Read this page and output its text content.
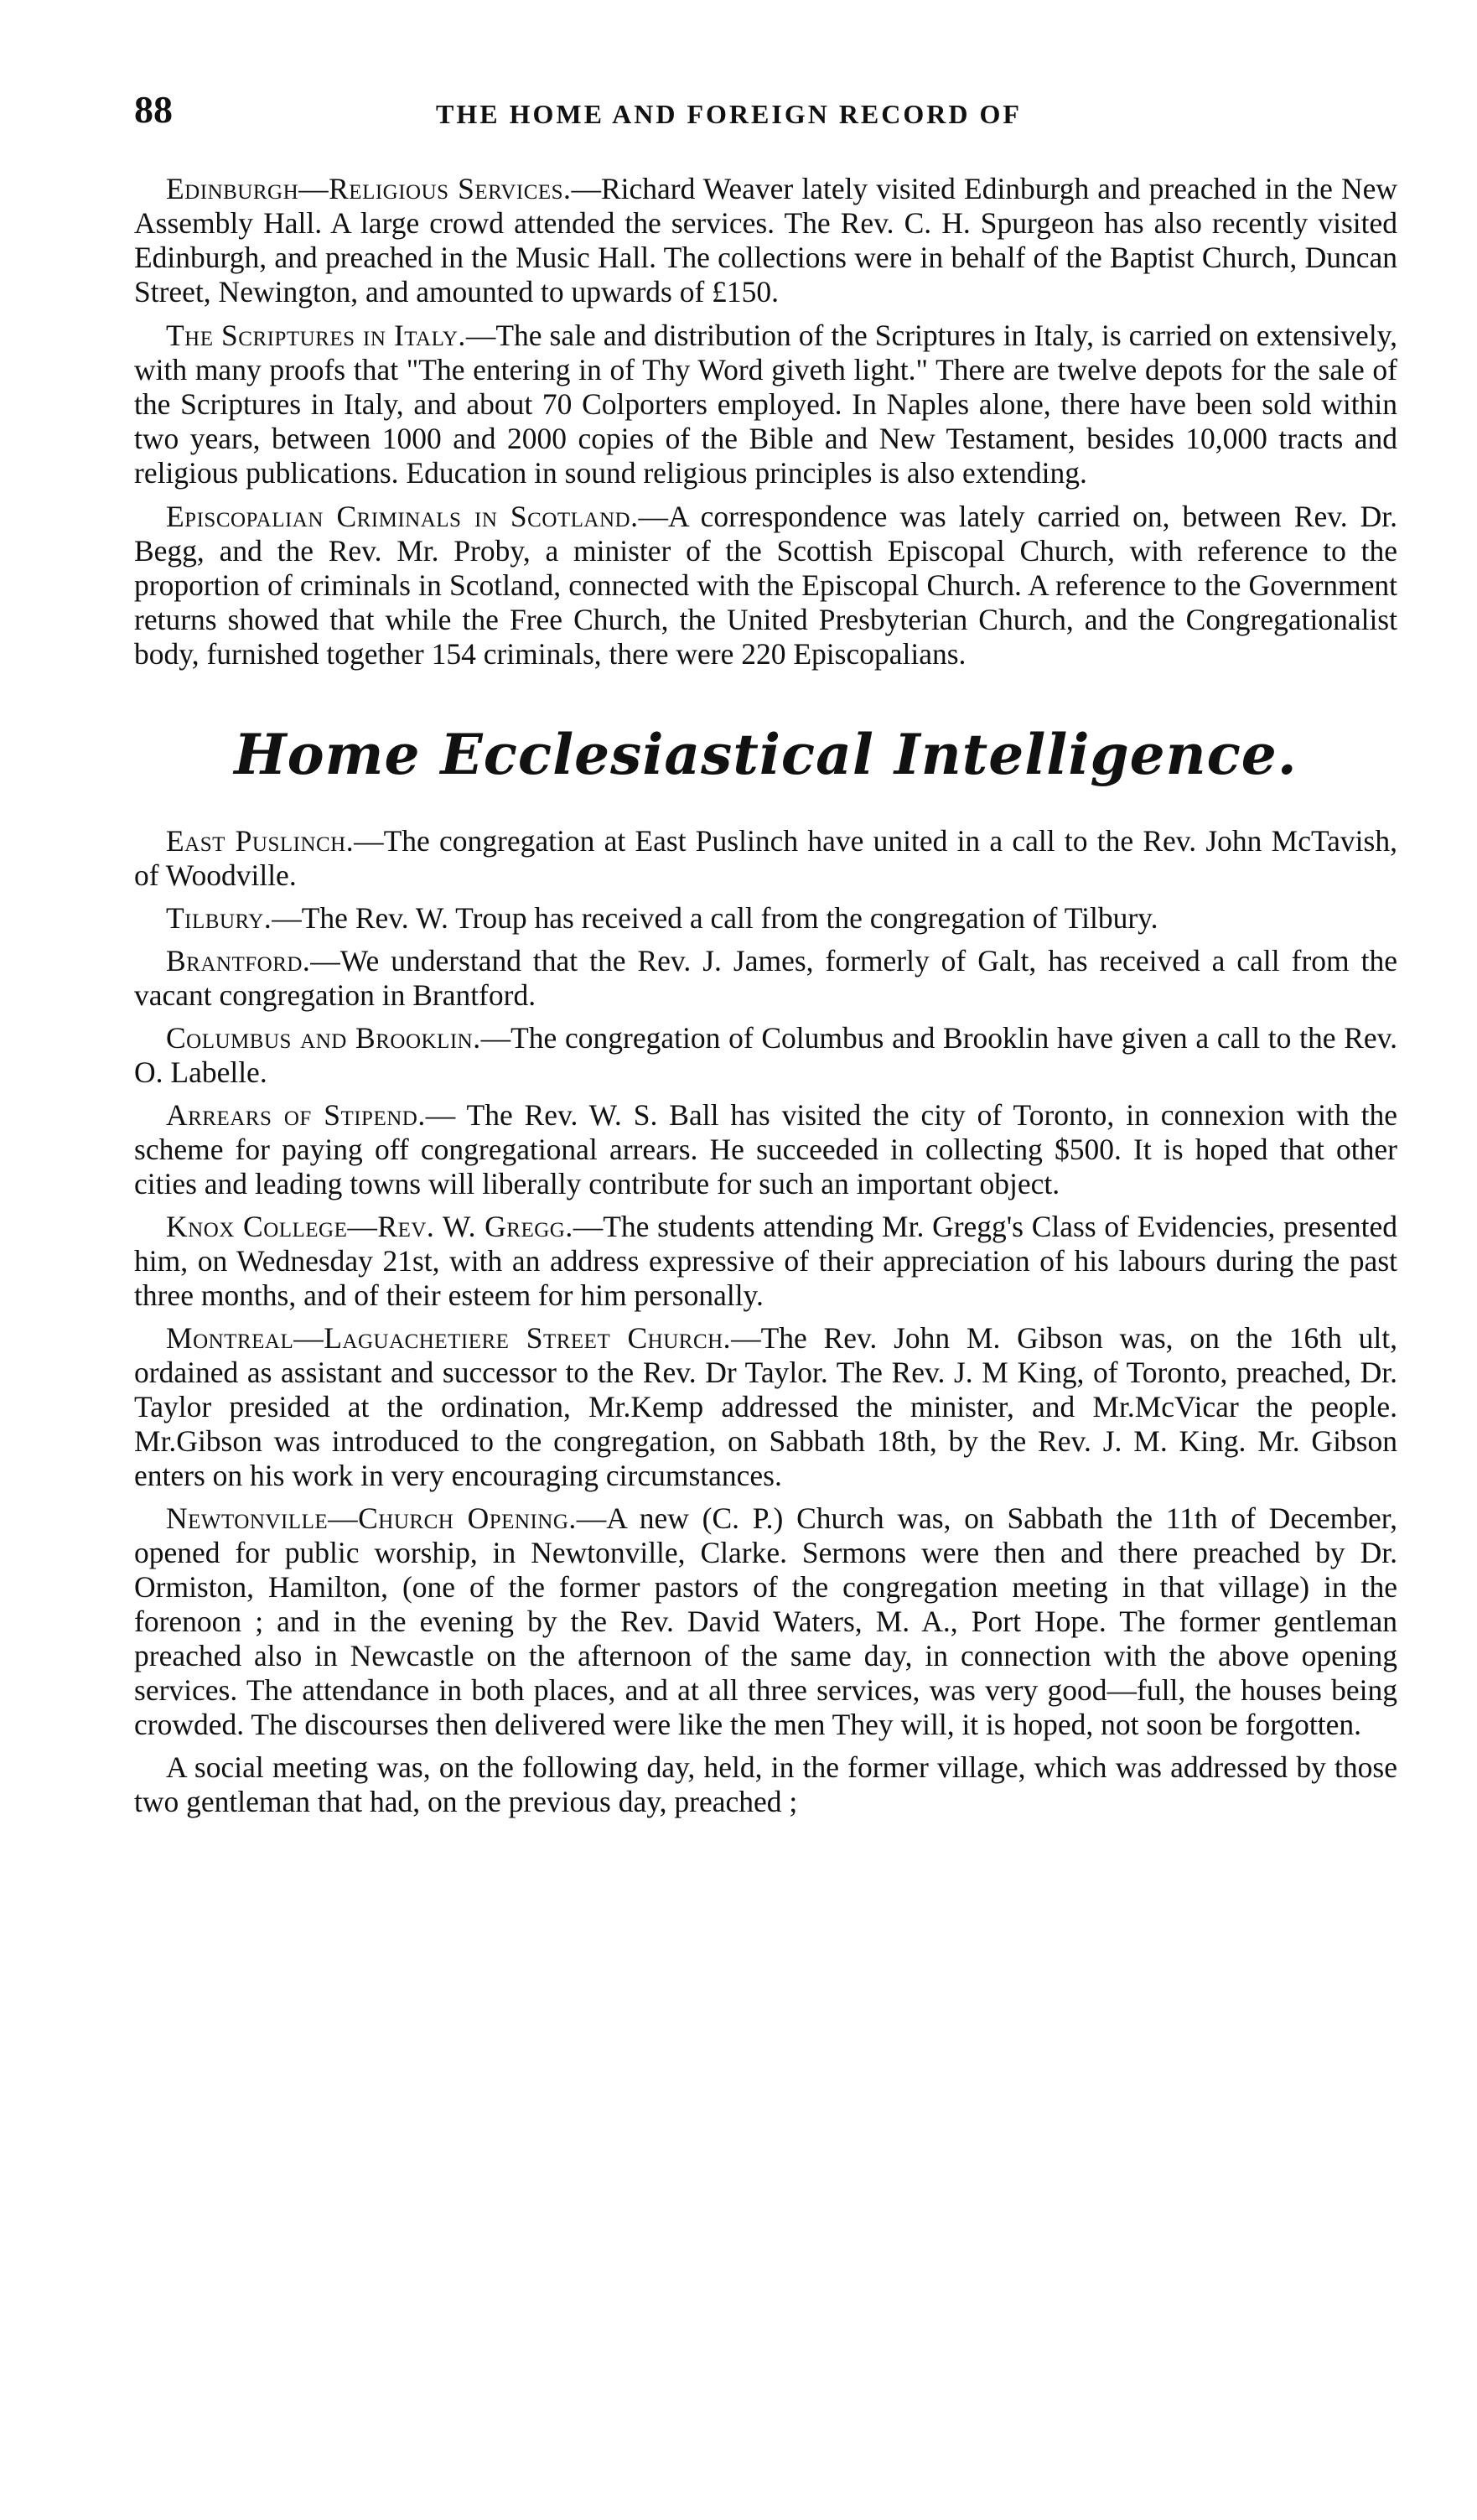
88	THE HOME AND FOREIGN RECORD OF

Edinburgh—Religious Services.—Richard Weaver lately visited Edinburgh and preached in the New Assembly Hall. A large crowd attended the services. The Rev. C. H. Spurgeon has also recently visited Edinburgh, and preached in the Music Hall. The collections were in behalf of the Baptist Church, Duncan Street, Newington, and amounted to upwards of £150.

The Scriptures in Italy.—The sale and distribution of the Scriptures in Italy, is carried on extensively, with many proofs that "The entering in of Thy Word giveth light." There are twelve depots for the sale of the Scriptures in Italy, and about 70 Colporters employed. In Naples alone, there have been sold within two years, between 1000 and 2000 copies of the Bible and New Testament, besides 10,000 tracts and religious publications. Education in sound religious principles is also extending.

Episcopalian Criminals in Scotland.—A correspondence was lately carried on, between Rev. Dr. Begg, and the Rev. Mr. Proby, a minister of the Scottish Episcopal Church, with reference to the proportion of criminals in Scotland, connected with the Episcopal Church. A reference to the Government returns showed that while the Free Church, the United Presbyterian Church, and the Congregationalist body, furnished together 154 criminals, there were 220 Episcopalians.

Home Ecclesiastical Intelligence.

East Puslinch.—The congregation at East Puslinch have united in a call to the Rev. John McTavish, of Woodville.

Tilbury.—The Rev. W. Troup has received a call from the congregation of Tilbury.

Brantford.—We understand that the Rev. J. James, formerly of Galt, has received a call from the vacant congregation in Brantford.

Columbus and Brooklin.—The congregation of Columbus and Brooklin have given a call to the Rev. O. Labelle.

Arrears of Stipend.— The Rev. W. S. Ball has visited the city of Toronto, in connexion with the scheme for paying off congregational arrears. He succeeded in collecting $500. It is hoped that other cities and leading towns will liberally contribute for such an important object.

Knox College—Rev. W. Gregg.—The students attending Mr. Gregg's Class of Evidencies, presented him, on Wednesday 21st, with an address expressive of their appreciation of his labours during the past three months, and of their esteem for him personally.

Montreal—Laguachetiere Street Church.—The Rev. John M. Gibson was, on the 16th ult, ordained as assistant and successor to the Rev. Dr Taylor. The Rev. J. M King, of Toronto, preached, Dr. Taylor presided at the ordination, Mr.Kemp addressed the minister, and Mr.McVicar the people. Mr.Gibson was introduced to the congregation, on Sabbath 18th, by the Rev. J. M. King. Mr. Gibson enters on his work in very encouraging circumstances.

Newtonville—Church Opening.—A new (C. P.) Church was, on Sabbath the 11th of December, opened for public worship, in Newtonville, Clarke. Sermons were then and there preached by Dr. Ormiston, Hamilton, (one of the former pastors of the congregation meeting in that village) in the forenoon ; and in the evening by the Rev. David Waters, M. A., Port Hope. The former gentleman preached also in Newcastle on the afternoon of the same day, in connection with the above opening services. The attendance in both places, and at all three services, was very good—full, the houses being crowded. The discourses then delivered were like the men They will, it is hoped, not soon be forgotten.

A social meeting was, on the following day, held, in the former village, which was addressed by those two gentleman that had, on the previous day, preached ;
